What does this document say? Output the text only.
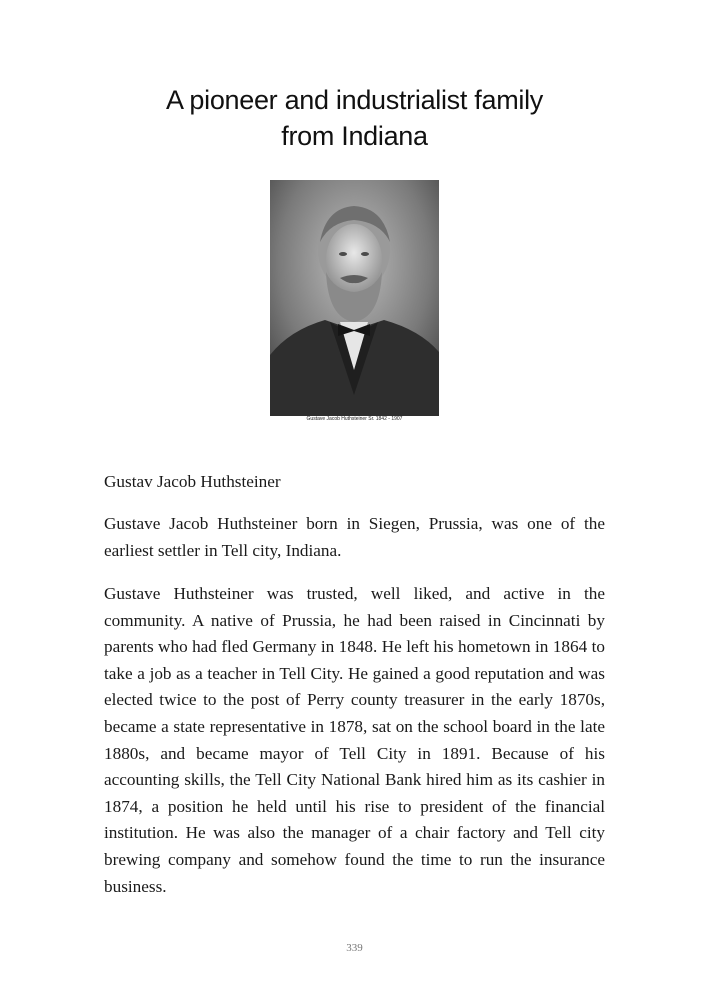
A pioneer and industrialist family
from Indiana
Gustave Jacob Huthsteiner Sr. 1842 - 1907

Gustav Jacob Huthsteiner

Gustave Jacob Huthsteiner born in Siegen, Prussia, was one of the earliest settler in Tell city, Indiana.

Gustave Huthsteiner was trusted, well liked, and active in the community. A native of Prussia, he had been raised in Cincinnati by parents who had fled Germany in 1848. He left his hometown in 1864 to take a job as a teacher in Tell City. He gained a good reputation and was elected twice to the post of Perry county treasurer in the early 1870s, became a state representative in 1878, sat on the school board in the late 1880s, and became mayor of Tell City in 1891. Because of his accounting skills, the Tell City National Bank hired him as its cashier in 1874, a position he held until his rise to president of the financial institution. He was also the manager of a chair factory and Tell city brewing company and somehow found the time to run the insurance business.

339
